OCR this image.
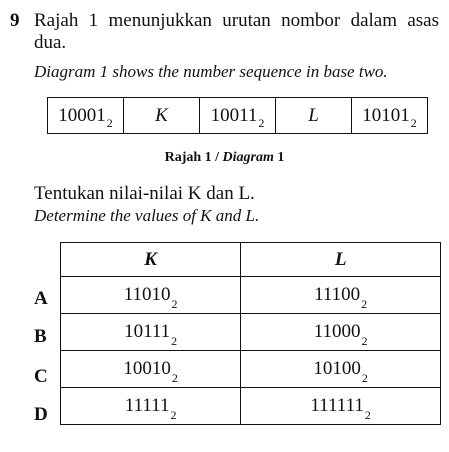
9 Rajah 1 menunjukkan urutan nombor dalam asas dua.
Diagram 1 shows the number sequence in base two.
10001 2 K 10011 2 L 10101 2
Rajah 1 / Diagram 1
Tentukan nilai-nilai K dan L.
Determine the values of K and L.
A
B
C
D
K	L
$11010_2$	$11100_2$
$10111_2$	$11000_2$
$10010_2$	$10100_2$
$11111_2$	$111111_2$
